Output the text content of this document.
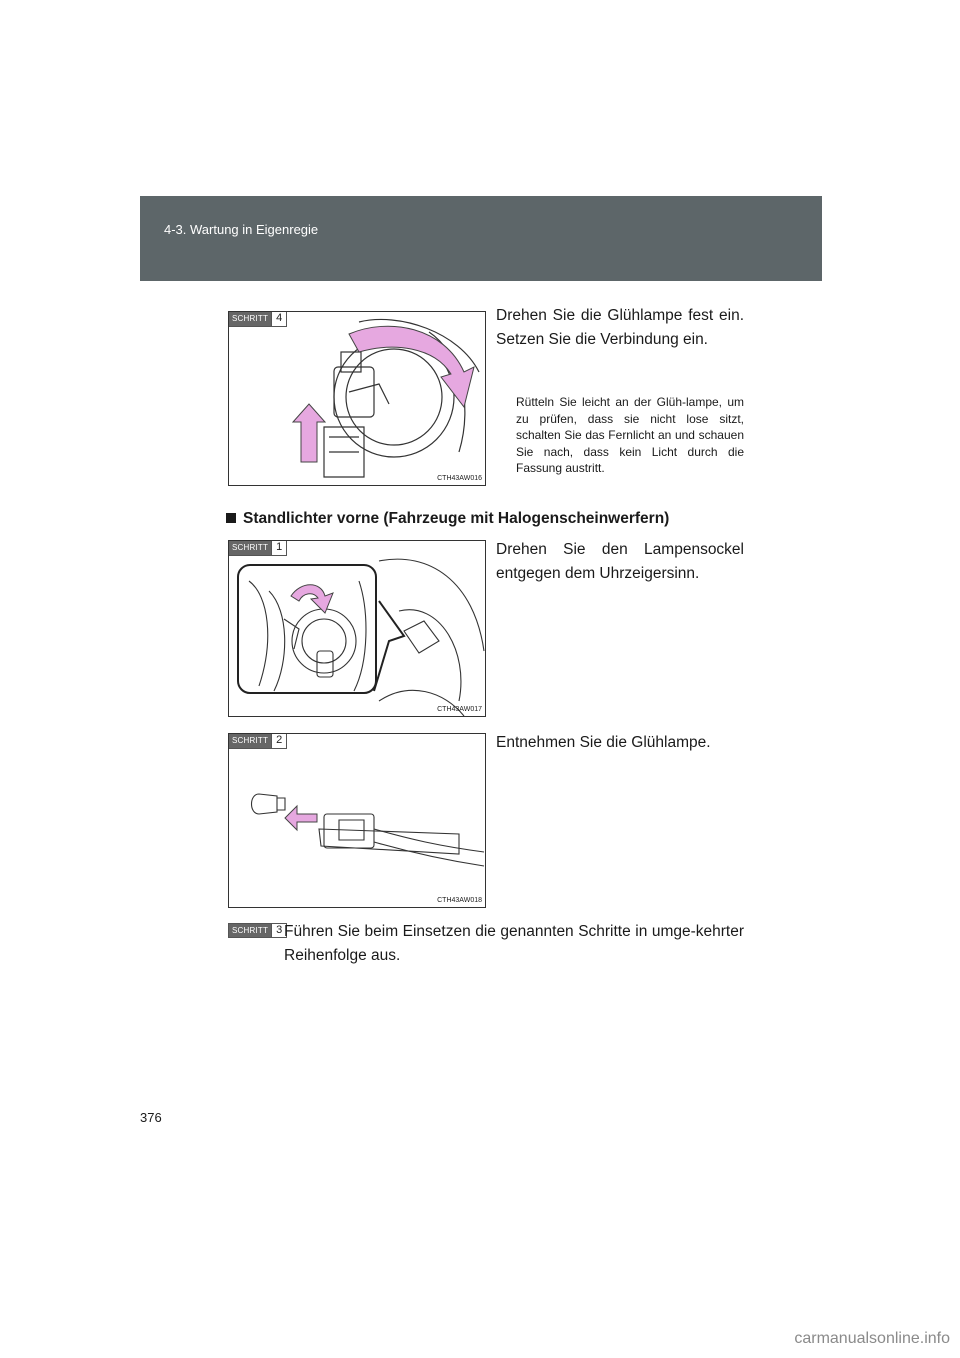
4-3. Wartung in Eigenregie
SCHRITT 4
CTH43AW016
Drehen Sie die Glühlampe fest ein. Setzen Sie die Verbindung ein.
Rütteln Sie leicht an der Glüh-lampe, um zu prüfen, dass sie nicht lose sitzt, schalten Sie das Fernlicht an und schauen Sie nach, dass kein Licht durch die Fassung austritt.
Standlichter vorne (Fahrzeuge mit Halogenscheinwerfern)
SCHRITT 1
CTH43AW017
Drehen Sie den Lampensockel entgegen dem Uhrzeigersinn.
SCHRITT 2
CTH43AW018
Entnehmen Sie die Glühlampe.
SCHRITT 3 Führen Sie beim Einsetzen die genannten Schritte in umge-kehrter Reihenfolge aus.
376
carmanualsonline.info
